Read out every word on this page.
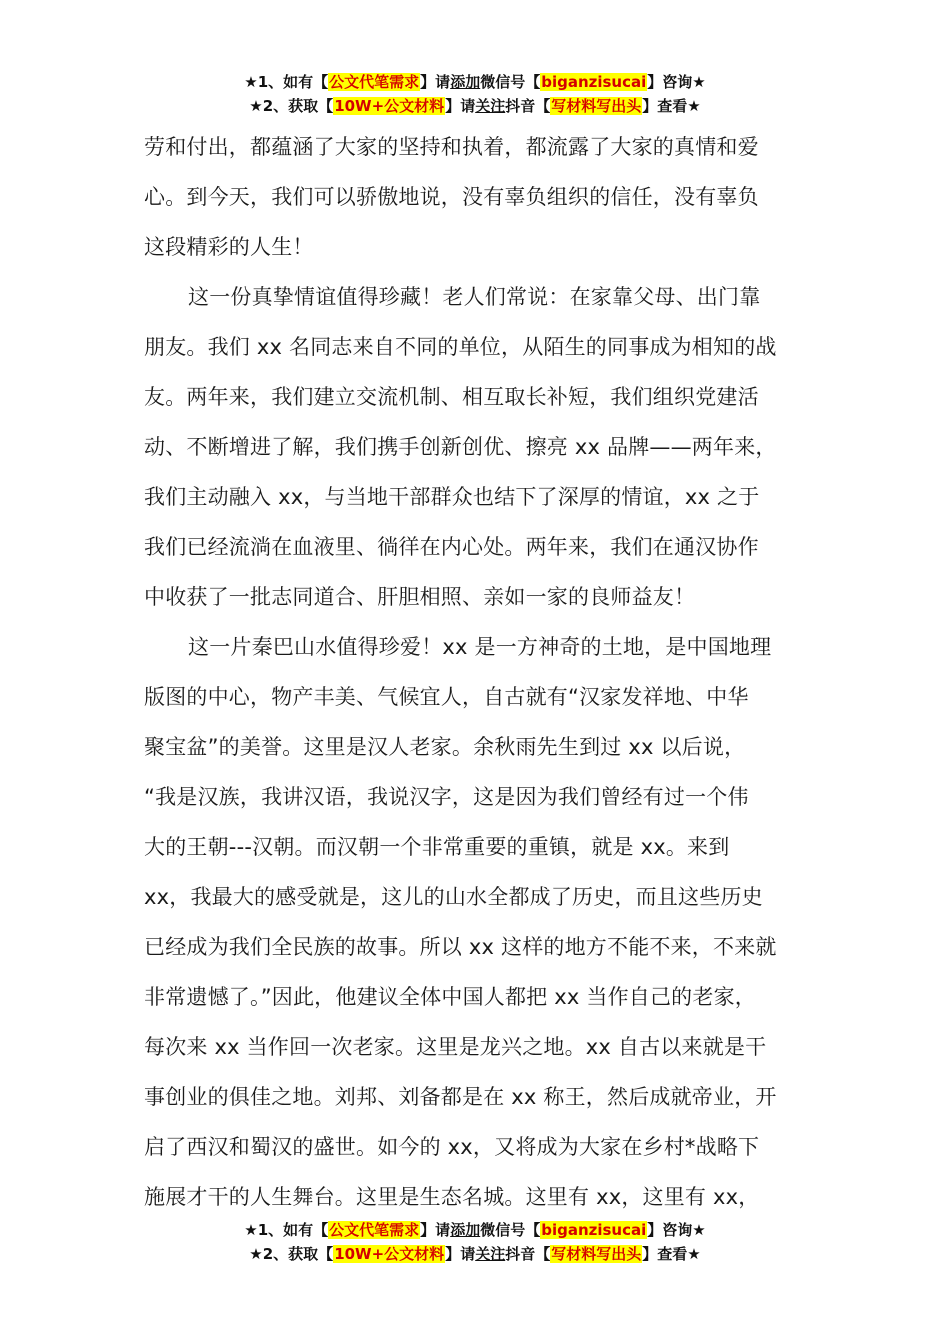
★1、如有【公文代笔需求】请添加微信号【biganzisucai】咨询★
★2、获取【10W+公文材料】请关注抖音【写材料写出头】查看★
劳和付出，都蕴涵了大家的坚持和执着，都流露了大家的真情和爱
心。到今天，我们可以骄傲地说，没有辜负组织的信任，没有辜负
这段精彩的人生！
这一份真挚情谊值得珍藏！老人们常说：在家靠父母、出门靠
朋友。我们 xx 名同志来自不同的单位，从陌生的同事成为相知的战
友。两年来，我们建立交流机制、相互取长补短，我们组织党建活
动、不断增进了解，我们携手创新创优、擦亮 xx 品牌——两年来，
我们主动融入 xx，与当地干部群众也结下了深厚的情谊，xx 之于
我们已经流淌在血液里、徜徉在内心处。两年来，我们在通汉协作
中收获了一批志同道合、肝胆相照、亲如一家的良师益友！
这一片秦巴山水值得珍爱！xx 是一方神奇的土地，是中国地理
版图的中心，物产丰美、气候宜人，自古就有“汉家发祥地、中华
聚宝盆”的美誉。这里是汉人老家。余秋雨先生到过 xx 以后说，
“我是汉族，我讲汉语，我说汉字，这是因为我们曾经有过一个伟
大的王朝---汉朝。而汉朝一个非常重要的重镇，就是 xx。来到
xx，我最大的感受就是，这儿的山水全都成了历史，而且这些历史
已经成为我们全民族的故事。所以 xx 这样的地方不能不来，不来就
非常遗憾了。”因此，他建议全体中国人都把 xx 当作自己的老家，
每次来 xx 当作回一次老家。这里是龙兴之地。xx 自古以来就是干
事创业的俱佳之地。刘邦、刘备都是在 xx 称王，然后成就帝业，开
启了西汉和蜀汉的盛世。如今的 xx，又将成为大家在乡村*战略下
施展才干的人生舞台。这里是生态名城。这里有 xx，这里有 xx，
★1、如有【公文代笔需求】请添加微信号【biganzisucai】咨询★
★2、获取【10W+公文材料】请关注抖音【写材料写出头】查看★
